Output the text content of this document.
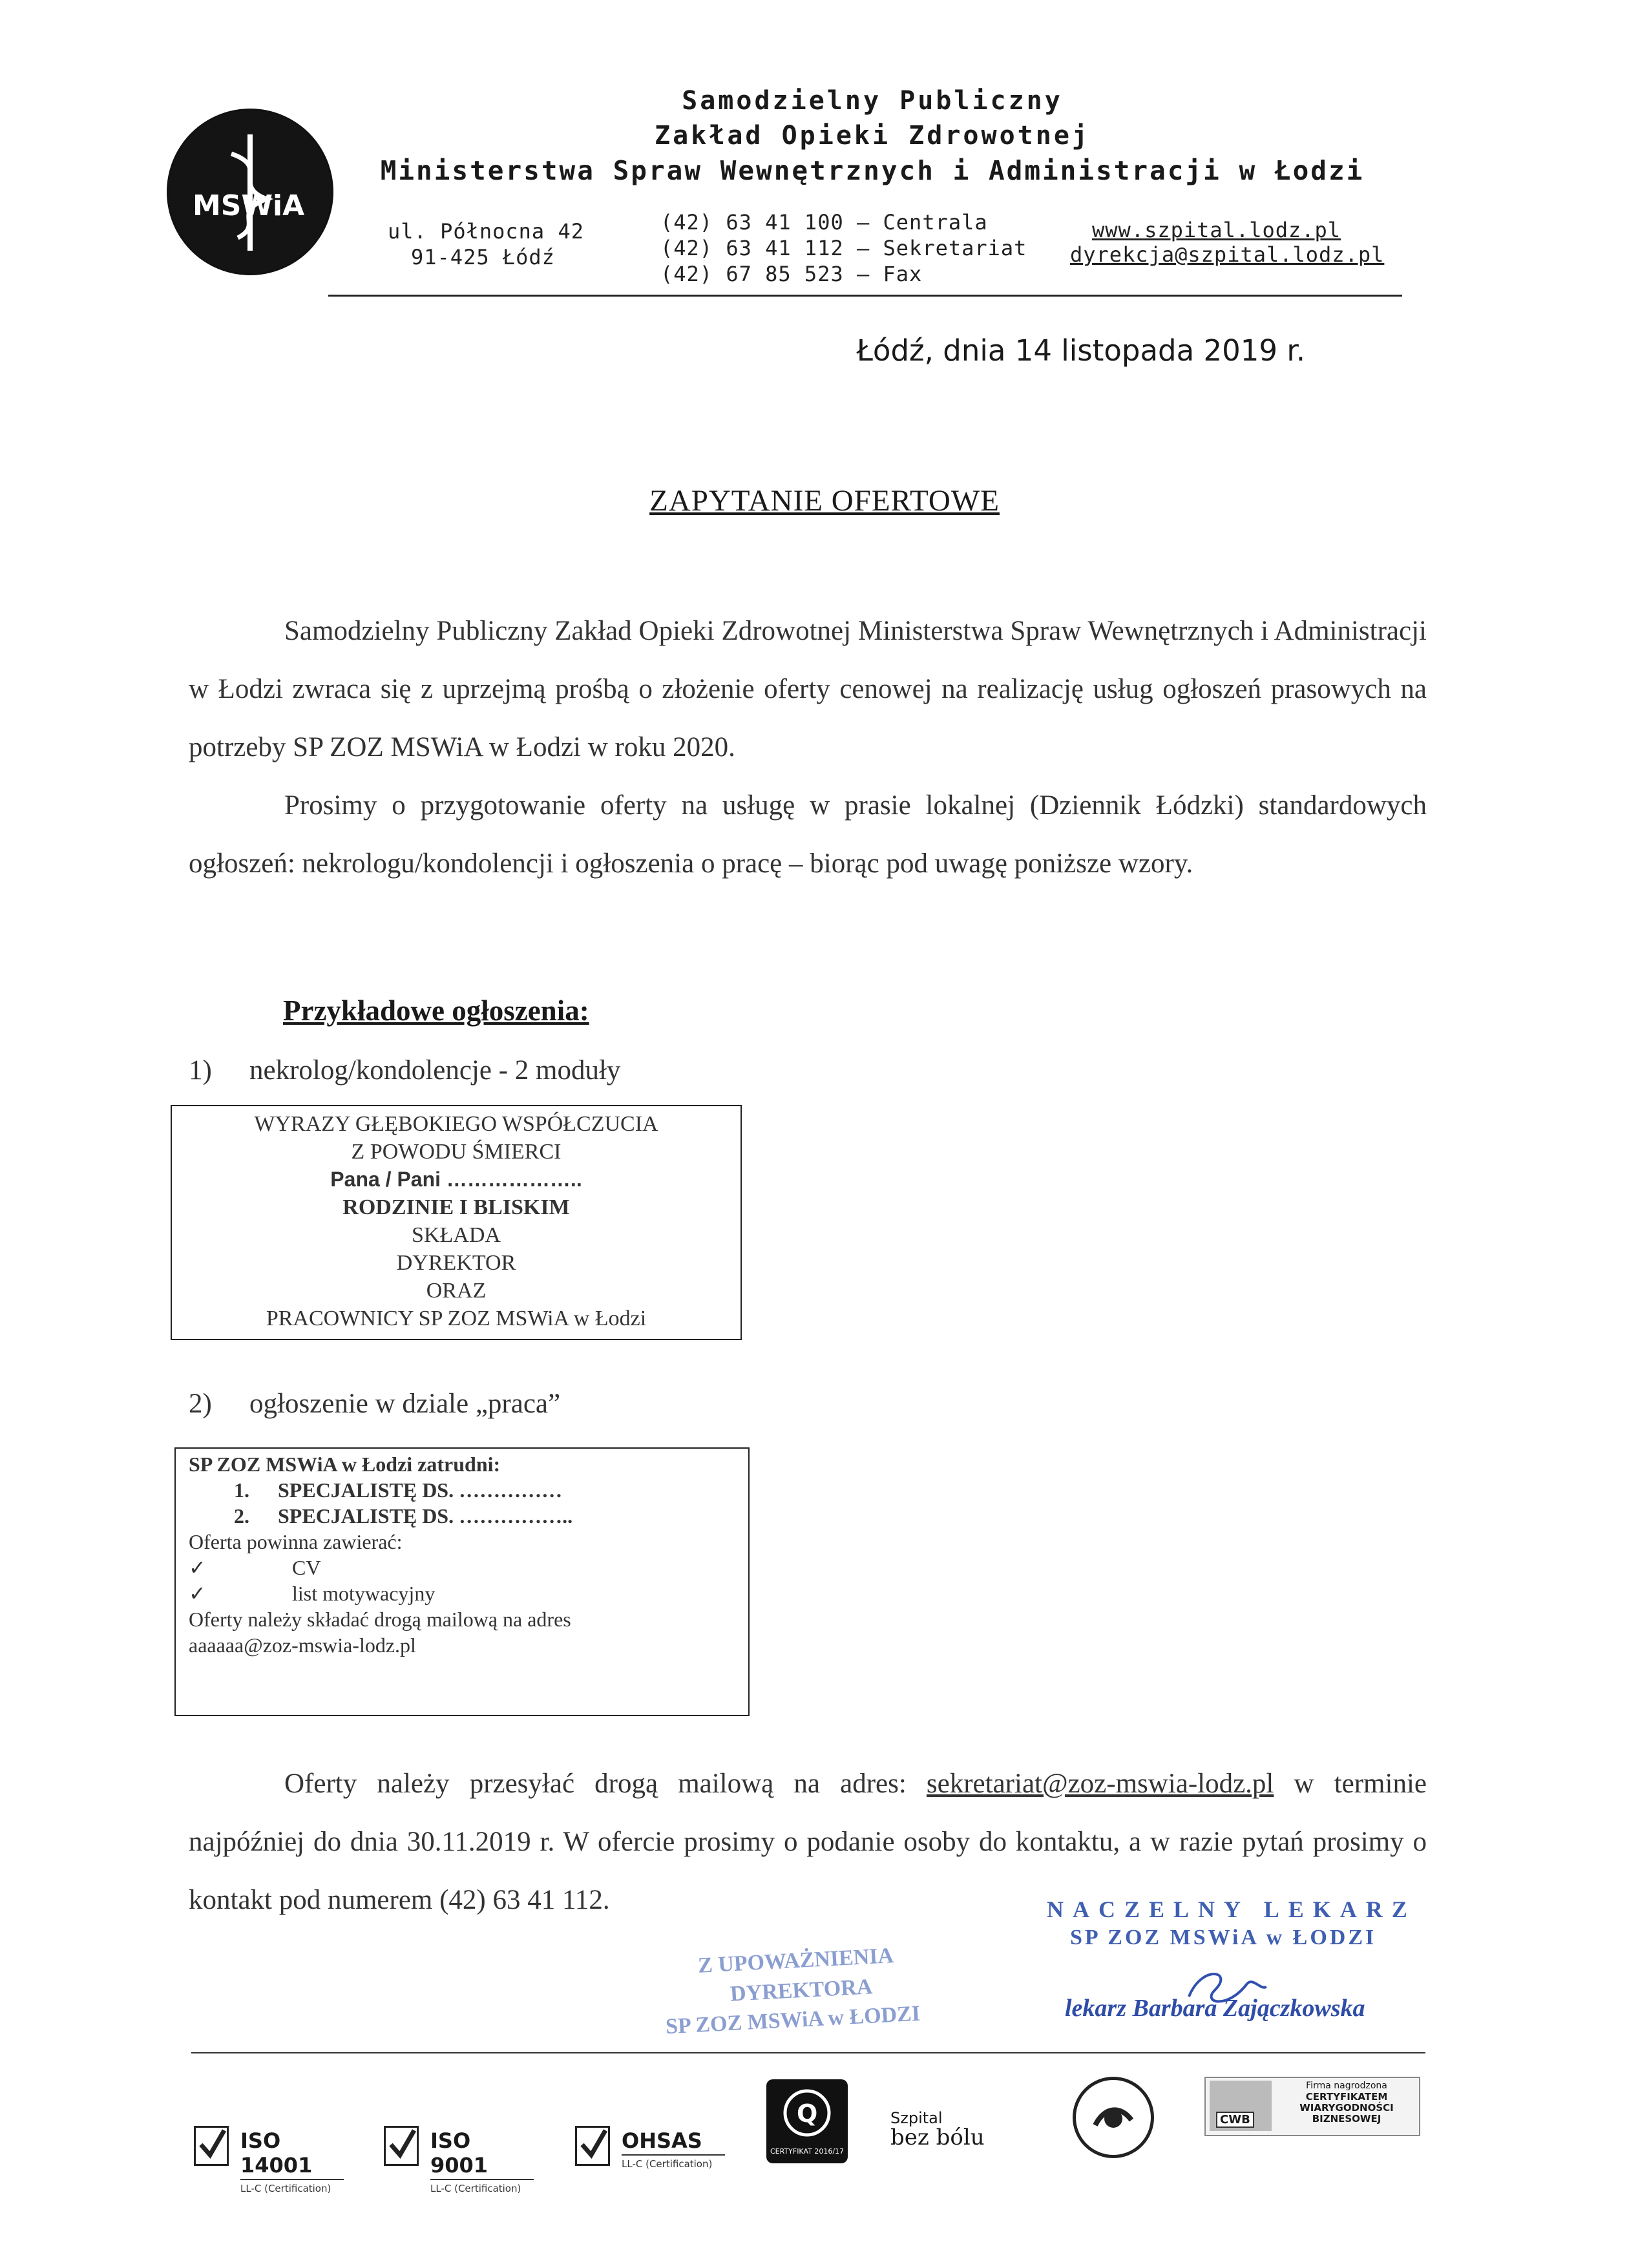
MSWiA
Samodzielny Publiczny
Zakład Opieki Zdrowotnej
Ministerstwa Spraw Wewnętrznych i Administracji w Łodzi
ul. Północna 42
91-425 Łódź
(42) 63 41 100 – Centrala
(42) 63 41 112 – Sekretariat
(42) 67 85 523 – Fax
www.szpital.lodz.pl
dyrekcja@szpital.lodz.pl
Łódź, dnia 14 listopada 2019 r.
ZAPYTANIE OFERTOWE

Samodzielny Publiczny Zakład Opieki Zdrowotnej Ministerstwa Spraw Wewnętrznych i Administracji w Łodzi zwraca się z uprzejmą prośbą o złożenie oferty cenowej na realizację usług ogłoszeń prasowych na potrzeby SP ZOZ MSWiA w Łodzi w roku 2020.

Prosimy o przygotowanie oferty na usługę w prasie lokalnej (Dziennik Łódzki) standardowych ogłoszeń: nekrologu/kondolencji i ogłoszenia o pracę – biorąc pod uwagę poniższe wzory.

Przykładowe ogłoszenia:
1) nekrolog/kondolencje - 2 moduły
WYRAZY GŁĘBOKIEGO WSPÓŁCZUCIA
Z POWODU ŚMIERCI
Pana / Pani ………………..
RODZINIE I BLISKIM
SKŁADA
DYREKTOR
ORAZ
PRACOWNICY SP ZOZ MSWiA w Łodzi
2) ogłoszenie w dziale „praca”
SP ZOZ MSWiA w Łodzi zatrudni:
1. SPECJALISTĘ DS. ……………
2. SPECJALISTĘ DS. ……………..
Oferta powinna zawierać:
✓	CV
✓	list motywacyjny
Oferty należy składać drogą mailową na adres
aaaaaa@zoz-mswia-lodz.pl

Oferty należy przesyłać drogą mailową na adres: sekretariat@zoz-mswia-lodz.pl w terminie najpóźniej do dnia 30.11.2019 r. W ofercie prosimy o podanie osoby do kontaktu, a w razie pytań prosimy o kontakt pod numerem (42) 63 41 112.	NACZELNY LEKARZ
SP ZOZ MSWiA w ŁODZI
Z UPOWAŻNIENIA
DYREKTORA
SP ZOZ MSWiA w ŁODZI	lekarz Barbara Zajączkowska
ISO 14001
LL-C (Certification)
ISO 9001
LL-C (Certification)
OHSAS
LL-C (Certification)
Q
CERTYFIKAT 2016/17
Szpital
bez bólu
CWB
Firma nagrodzona
CERTYFIKATEM
WIARYGODNOŚCI
BIZNESOWEJ
